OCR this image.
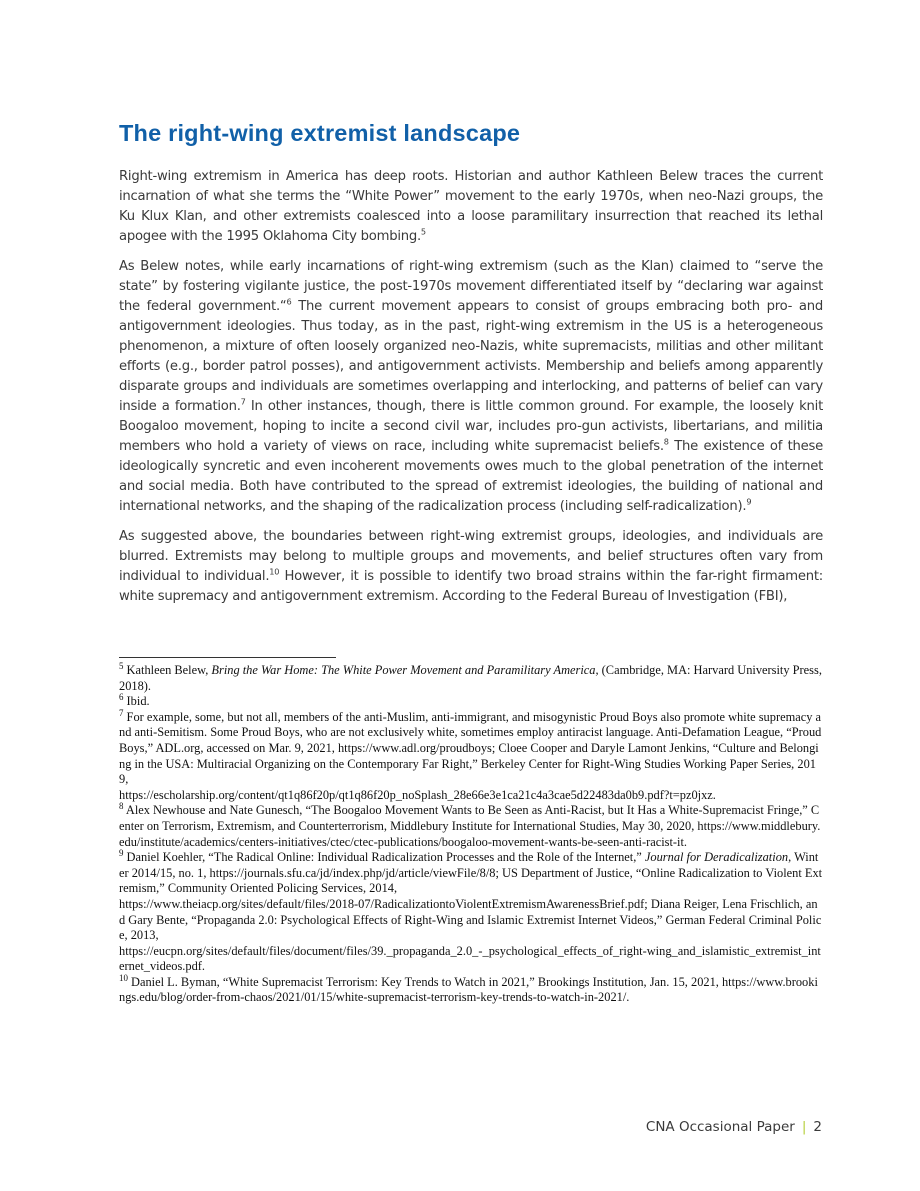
The right-wing extremist landscape

Right-wing extremism in America has deep roots. Historian and author Kathleen Belew traces the current incarnation of what she terms the “White Power” movement to the early 1970s, when neo-Nazi groups, the Ku Klux Klan, and other extremists coalesced into a loose paramilitary insurrection that reached its lethal apogee with the 1995 Oklahoma City bombing.$^5$

As Belew notes, while early incarnations of right-wing extremism (such as the Klan) claimed to “serve the state” by fostering vigilante justice, the post-1970s movement differentiated itself by “declaring war against the federal government.“$^6$ The current movement appears to consist of groups embracing both pro- and antigovernment ideologies. Thus today, as in the past, right-wing extremism in the US is a heterogeneous phenomenon, a mixture of often loosely organized neo-Nazis, white supremacists, militias and other militant efforts (e.g., border patrol posses), and antigovernment activists. Membership and beliefs among apparently disparate groups and individuals are sometimes overlapping and interlocking, and patterns of belief can vary inside a formation.$^7$ In other instances, though, there is little common ground. For example, the loosely knit Boogaloo movement, hoping to incite a second civil war, includes pro-gun activists, libertarians, and militia members who hold a variety of views on race, including white supremacist beliefs.$^8$ The existence of these ideologically syncretic and even incoherent movements owes much to the global penetration of the internet and social media. Both have contributed to the spread of extremist ideologies, the building of national and international networks, and the shaping of the radicalization process (including self-radicalization).$^9$

As suggested above, the boundaries between right-wing extremist groups, ideologies, and individuals are blurred. Extremists may belong to multiple groups and movements, and belief structures often vary from individual to individual.$^{10}$ However, it is possible to identify two broad strains within the far-right firmament: white supremacy and antigovernment extremism. According to the Federal Bureau of Investigation (FBI),

$^5$ Kathleen Belew, Bring the War Home: The White Power Movement and Paramilitary America, (Cambridge, MA: Harvard University Press, 2018).

$^6$ Ibid.

$^7$ For example, some, but not all, members of the anti-Muslim, anti-immigrant, and misogynistic Proud Boys also promote white supremacy and anti-Semitism. Some Proud Boys, who are not exclusively white, sometimes employ antiracist language. Anti-Defamation League, “Proud Boys,” ADL.org, accessed on Mar. 9, 2021, https://www.adl.org/proudboys; Cloee Cooper and Daryle Lamont Jenkins, “Culture and Belonging in the USA: Multiracial Organizing on the Contemporary Far Right,” Berkeley Center for Right-Wing Studies Working Paper Series, 2019,
https://escholarship.org/content/qt1q86f20p/qt1q86f20p_noSplash_28e66e3e1ca21c4a3cae5d22483da0b9.pdf?t=pz0jxz.

$^8$ Alex Newhouse and Nate Gunesch, “The Boogaloo Movement Wants to Be Seen as Anti-Racist, but It Has a White-Supremacist Fringe,” Center on Terrorism, Extremism, and Counterterrorism, Middlebury Institute for International Studies, May 30, 2020, https://www.middlebury.edu/institute/academics/centers-initiatives/ctec/ctec-publications/boogaloo-movement-wants-be-seen-anti-racist-it.

$^9$ Daniel Koehler, “The Radical Online: Individual Radicalization Processes and the Role of the Internet,” Journal for Deradicalization, Winter 2014/15, no. 1, https://journals.sfu.ca/jd/index.php/jd/article/viewFile/8/8; US Department of Justice, “Online Radicalization to Violent Extremism,” Community Oriented Policing Services, 2014,
https://www.theiacp.org/sites/default/files/2018-07/RadicalizationtoViolentExtremismAwarenessBrief.pdf; Diana Reiger, Lena Frischlich, and Gary Bente, “Propaganda 2.0: Psychological Effects of Right-Wing and Islamic Extremist Internet Videos,” German Federal Criminal Police, 2013,
https://eucpn.org/sites/default/files/document/files/39._propaganda_2.0_-_psychological_effects_of_right-wing_and_islamistic_extremist_internet_videos.pdf.

$^{10}$ Daniel L. Byman, “White Supremacist Terrorism: Key Trends to Watch in 2021,” Brookings Institution, Jan. 15, 2021, https://www.brookings.edu/blog/order-from-chaos/2021/01/15/white-supremacist-terrorism-key-trends-to-watch-in-2021/.

CNA Occasional Paper | 2
